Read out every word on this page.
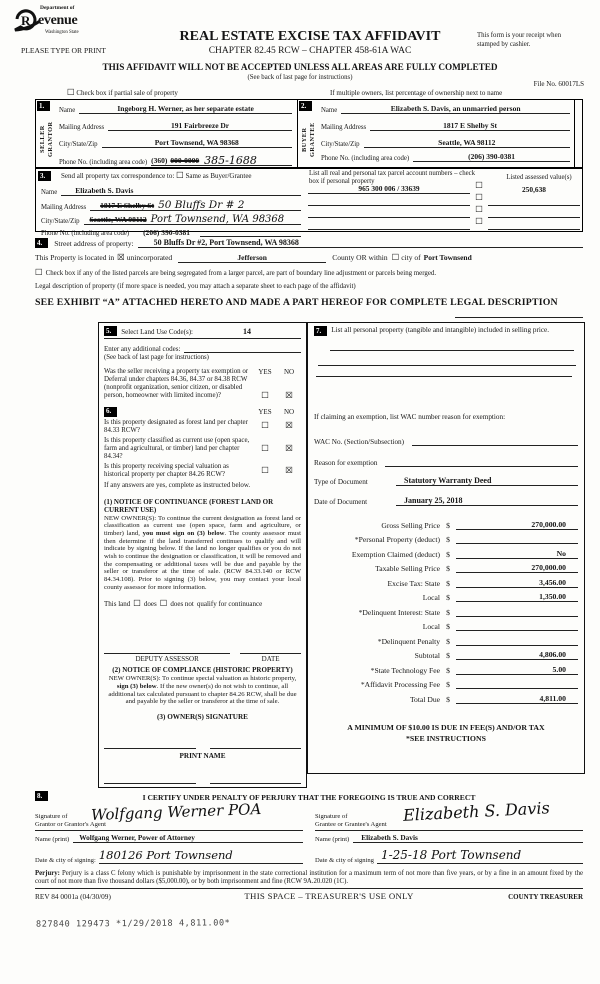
Department of
R evenue
Washington State
PLEASE TYPE OR PRINT
REAL ESTATE EXCISE TAX AFFIDAVIT
CHAPTER 82.45 RCW – CHAPTER 458-61A WAC
This form is your receipt when stamped by cashier.
THIS AFFIDAVIT WILL NOT BE ACCEPTED UNLESS ALL AREAS ARE FULLY COMPLETED
(See back of last page for instructions)
File No. 60017LS
☐ Check box if partial sale of property	If multiple owners, list percentage of ownership next to name
1.
SELLER GRANTOR
Name	Ingeborg H. Werner, as her separate estate
Mailing Address	191 Fairbreeze Dr
City/State/Zip	Port Townsend, WA 98368
Phone No. (including area code) (360) 000-0000 385-1688
2.
BUYER GRANTEE
Name	Elizabeth S. Davis, an unmarried person
Mailing Address	1817 E Shelby St
City/State/Zip	Seattle, WA 98112
Phone No. (including area code)	(206) 390-0381
3.	Send all property tax correspondence to: ☐ Same as Buyer/Grantee	List all real and personal tax parcel account numbers – check box if personal property
Listed assessed value(s)
Name	Elizabeth S. Davis
Mailing Address 1817 E Shelby St 50 Bluffs Dr # 2
City/State/Zip Seattle, WA 98112 Port Townsend, WA 98368
Phone No. (including area code)	(206) 390-0381
965 300 006 / 33639	☐	250,638
☐
☐
☐
4.	Street address of property:	50 Bluffs Dr #2, Port Townsend, WA 98368
This Property is located in ☒ unincorporated	Jefferson	County OR within ☐ city of Port Townsend
☐ Check box if any of the listed parcels are being segregated from a larger parcel, are part of boundary line adjustment or parcels being merged.
Legal description of property (if more space is needed, you may attach a separate sheet to each page of the affidavit)
SEE EXHIBIT “A” ATTACHED HERETO AND MADE A PART HEREOF FOR COMPLETE LEGAL DESCRIPTION
5.	Select Land Use Code(s):	14
Enter any additional codes:
(See back of last page for instructions)
Was the seller receiving a property tax exemption or Deferral under chapters 84.36, 84.37 or 84.38 RCW (nonprofit organization, senior citizen, or disabled person, homeowner with limited income)?
YES
☐
NO
☒
6.	YES	NO
Is this property designated as forest land per chapter 84.33 RCW?	☐ ☒
Is this property classified as current use (open space, farm and agricultural, or timber) land per chapter 84.34?
☐ ☒
Is this property receiving special valuation as historical property per chapter 84.26 RCW?	☐ ☒
If any answers are yes, complete as instructed below.
(1) NOTICE OF CONTINUANCE (FOREST LAND OR CURRENT USE)
NEW OWNER(S): To continue the current designation as forest land or classification as current use (open space, farm and agriculture, or timber) land, you must sign on (3) below. The county assessor must then determine if the land transferred continues to qualify and will indicate by signing below. If the land no longer qualifies or you do not wish to continue the designation or classification, it will be removed and the compensating or additional taxes will be due and payable by the seller or transferor at the time of sale. (RCW 84.33.140 or RCW 84.34.108). Prior to signing (3) below, you may contact your local county assessor for more information.
This land ☐ does ☐ does not qualify for continuance
DEPUTY ASSESSOR	DATE
(2) NOTICE OF COMPLIANCE (HISTORIC PROPERTY)
NEW OWNER(S): To continue special valuation as historic property, sign (3) below. If the new owner(s) do not wish to continue, all additional tax calculated pursuant to chapter 84.26 RCW, shall be due and payable by the seller or transferor at the time of sale.
(3) OWNER(S) SIGNATURE
PRINT NAME
7.	List all personal property (tangible and intangible) included in selling price.
If claiming an exemption, list WAC number reason for exemption:
WAC No. (Section/Subsection)
Reason for exemption
Type of Document	Statutory Warranty Deed
Date of Document	January 25, 2018
Gross Selling Price $	270,000.00
*Personal Property (deduct) $
Exemption Claimed (deduct) $	No
Taxable Selling Price $	270,000.00
Excise Tax: State $	3,456.00
Local $	1,350.00
*Delinquent Interest: State $
Local $
*Delinquent Penalty $
Subtotal $	4,806.00
*State Technology Fee $	5.00
*Affidavit Processing Fee $
Total Due $	4,811.00
A MINIMUM OF $10.00 IS DUE IN FEE(S) AND/OR TAX
*SEE INSTRUCTIONS
8.	I CERTIFY UNDER PENALTY OF PERJURY THAT THE FOREGOING IS TRUE AND CORRECT
Signature of
Grantor or Grantor's Agent
Wolfgang Werner POA
Name (print)	Wolfgang Werner, Power of Attorney
Date & city of signing: 180126 Port Townsend
Signature of
Grantee or Grantee's Agent Elizabeth S. Davis
Name (print)	Elizabeth S. Davis
Date & city of signing 1-25-18 Port Townsend
Perjury: Perjury is a class C felony which is punishable by imprisonment in the state correctional institution for a maximum term of not more than five years, or by a fine in an amount fixed by the court of not more than five thousand dollars ($5,000.00), or by both imprisonment and fine (RCW 9A.20.020 (1C).
REV 84 0001a (04/30/09)	THIS SPACE – TREASURER'S USE ONLY	COUNTY TREASURER
827840 129473 *1/29/2018 4,811.00*
